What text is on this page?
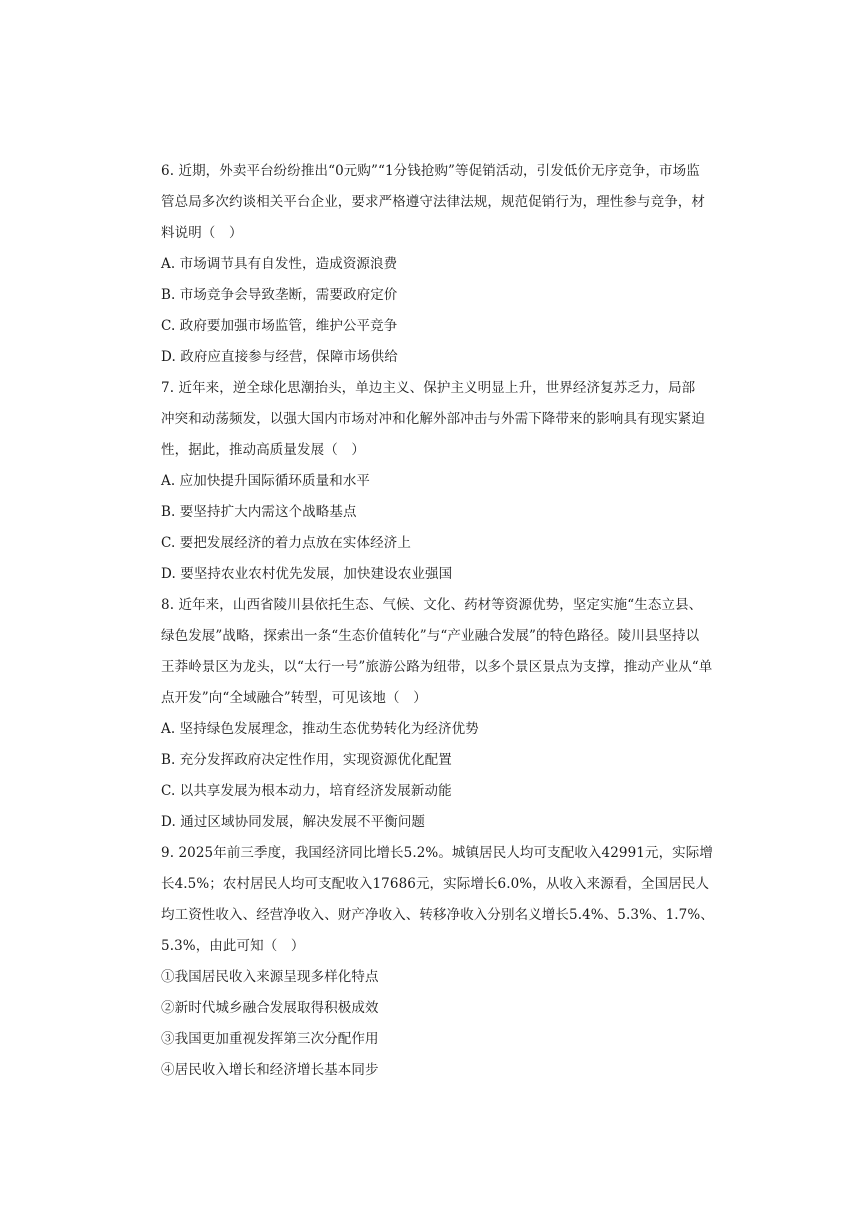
6. 近期，外卖平台纷纷推出“0元购”“1分钱抢购”等促销活动，引发低价无序竞争，市场监
管总局多次约谈相关平台企业，要求严格遵守法律法规，规范促销行为，理性参与竞争，材
料说明（　）
A. 市场调节具有自发性，造成资源浪费
B. 市场竞争会导致垄断，需要政府定价
C. 政府要加强市场监管，维护公平竞争
D. 政府应直接参与经营，保障市场供给
7. 近年来，逆全球化思潮抬头，单边主义、保护主义明显上升，世界经济复苏乏力，局部
冲突和动荡频发，以强大国内市场对冲和化解外部冲击与外需下降带来的影响具有现实紧迫
性，据此，推动高质量发展（　）
A. 应加快提升国际循环质量和水平
B. 要坚持扩大内需这个战略基点
C. 要把发展经济的着力点放在实体经济上
D. 要坚持农业农村优先发展，加快建设农业强国
8. 近年来，山西省陵川县依托生态、气候、文化、药材等资源优势，坚定实施“生态立县、
绿色发展”战略，探索出一条“生态价值转化”与“产业融合发展”的特色路径。陵川县坚持以
王莽岭景区为龙头，以“太行一号”旅游公路为纽带，以多个景区景点为支撑，推动产业从“单
点开发”向“全域融合”转型，可见该地（　）
A. 坚持绿色发展理念，推动生态优势转化为经济优势
B. 充分发挥政府决定性作用，实现资源优化配置
C. 以共享发展为根本动力，培育经济发展新动能
D. 通过区域协同发展，解决发展不平衡问题
9. 2025年前三季度，我国经济同比增长5.2%。城镇居民人均可支配收入42991元，实际增
长4.5%；农村居民人均可支配收入17686元，实际增长6.0%，从收入来源看，全国居民人
均工资性收入、经营净收入、财产净收入、转移净收入分别名义增长5.4%、5.3%、1.7%、
5.3%，由此可知（　）
①我国居民收入来源呈现多样化特点
②新时代城乡融合发展取得积极成效
③我国更加重视发挥第三次分配作用
④居民收入增长和经济增长基本同步
